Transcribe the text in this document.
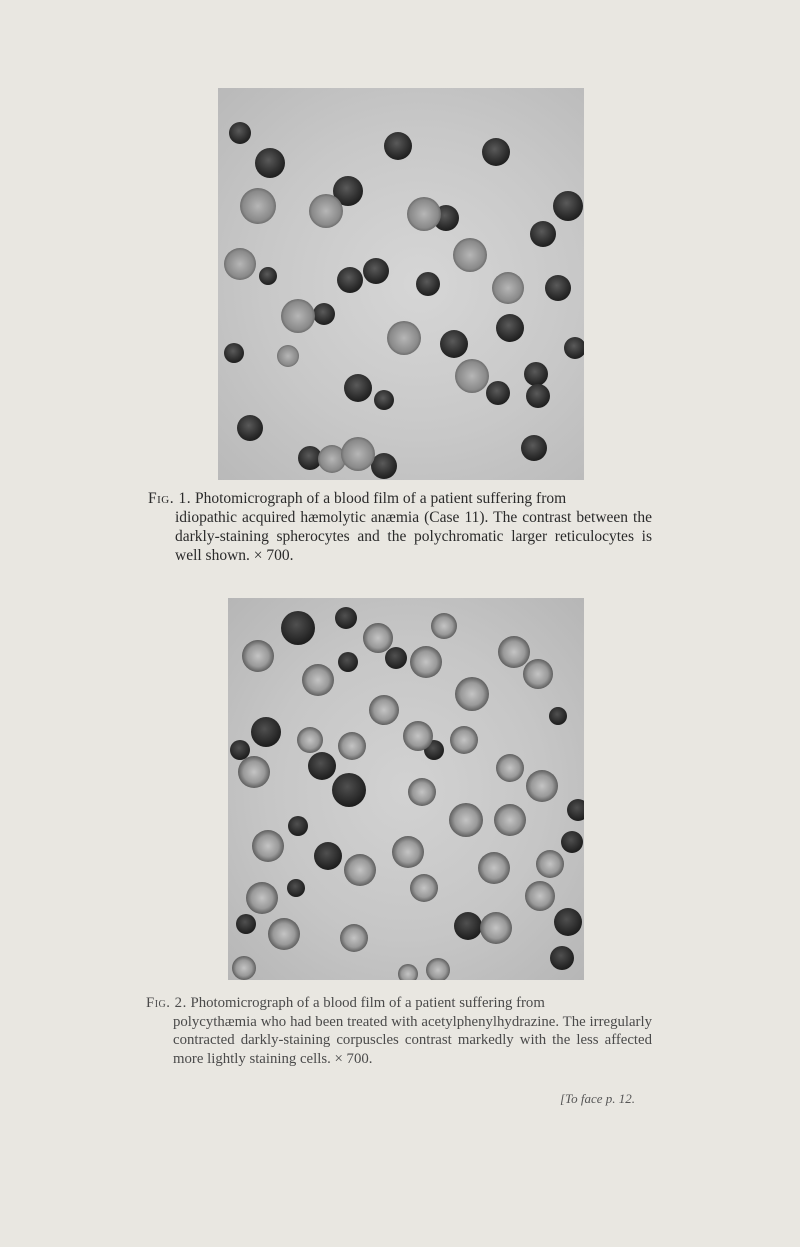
Fig. 1. Photomicrograph of a blood film of a patient suffering from
idiopathic acquired hæmolytic anæmia (Case 11). The contrast between the darkly-staining spherocytes and the polychromatic larger reticulocytes is well shown. × 700.
Fig. 2. Photomicrograph of a blood film of a patient suffering from
polycythæmia who had been treated with acetylphenylhydrazine. The irregularly contracted darkly-staining corpuscles contrast markedly with the less affected more lightly staining cells. × 700.
[To face p. 12.
